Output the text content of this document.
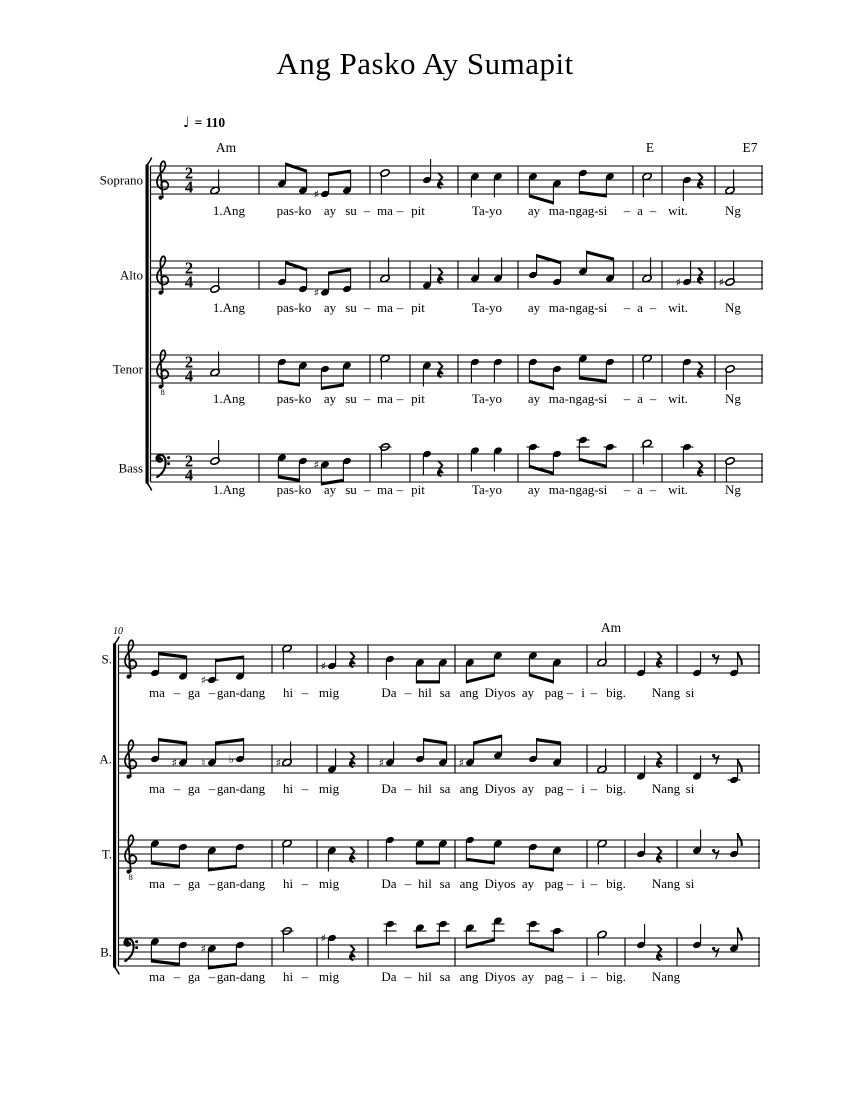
Ang Pasko Ay Sumapit
♩ = 110
Am	E	E7
Soprano	2
4	♯
1.Ang pas-ko ay su – ma – pit	Ta-yo ay ma-ngag-si – a – wit.	Ng
Alto	2
4
♯
♯	♯
1.Ang pas-ko ay su – ma – pit	Ta-yo ay ma-ngag-si – a – wit.	Ng
Tenor
8
2
4
1.Ang pas-ko ay su – ma – pit	Ta-yo ay ma-ngag-si – a – wit.	Ng
Bass	2
4
♯
1.Ang pas-ko ay su – ma – pit	Ta-yo ay ma-ngag-si – a – wit.	Ng
10	Am
S.
♯
♯
ma – ga – gan-dang hi – mig	Da – hil sa ang Diyos ay pag – i – big. Nang si
A.	♯ ♮ ♭	♯	♯	♯
ma – ga – gan-dang hi – mig	Da – hil sa ang Diyos ay pag – i – big. Nang si
T.
8 ma – ga – gan-dang hi – mig	Da – hil sa ang Diyos ay pag – i – big. Nang si
B.	♯
♯
ma – ga – gan-dang hi – mig	Da – hil sa ang Diyos ay pag – i – big. Nang
